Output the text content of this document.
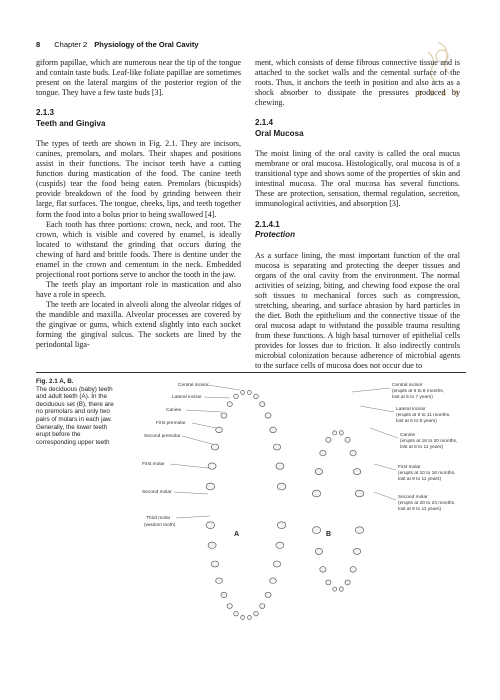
8 Chapter 2 Physiology of the Oral Cavity

giform papillae, which are numerous near the tip of the tongue and contain taste buds. Leaf-like foliate papillae are sometimes present on the lateral margins of the posterior region of the tongue. They have a few taste buds [3].

2.1.3
Teeth and Gingiva

The types of teeth are shown in Fig. 2.1. They are incisors, canines, premolars, and molars. Their shapes and positions assist in their functions. The incisor teeth have a cutting function during mastication of the food. The canine teeth (cuspids) tear the food being eaten. Premolars (bicuspids) provide breakdown of the food by grinding between their large, flat surfaces. The tongue, cheeks, lips, and teeth together form the food into a bolus prior to being swallowed [4].

Each tooth has three portions: crown, neck, and root. The crown, which is visible and covered by enamel, is ideally located to withstand the grinding that occurs during the chewing of hard and brittle foods. There is dentine under the enamel in the crown and cementum in the neck. Embedded projectional root portions serve to anchor the tooth in the jaw.

The teeth play an important role in mastication and also have a role in speech.

The teeth are located in alveoli along the alveolar ridges of the mandible and maxilla. Alveolar processes are covered by the gingivae or gums, which extend slightly into each socket forming the gingival sulcus. The sockets are lined by the periodontal liga-

ment, which consists of dense fibrous connective tissue and is attached to the socket walls and the cemental surface of the roots. Thus, it anchors the teeth in position and also acts as a shock absorber to dissipate the pressures produced by chewing.

2.1.4
Oral Mucosa

The moist lining of the oral cavity is called the oral mucus membrane or oral mucosa. Histologically, oral mucosa is of a transitional type and shows some of the properties of skin and intestinal mucosa. The oral mucosa has several functions. These are protection, sensation, thermal regulation, secretion, immunological activities, and absorption [3].

2.1.4.1
Protection

As a surface lining, the most important function of the oral mucosa is separating and protecting the deeper tissues and organs of the oral cavity from the environment. The normal activities of seizing, biting, and chewing food expose the oral soft tissues to mechanical forces such as compression, stretching, shearing, and surface abrasion by hard particles in the diet. Both the epithelium and the connective tissue of the oral mucosa adapt to withstand the possible trauma resulting from these functions. A high basal turnover of epithelial cells provides for losses due to friction. It also indirectly controls microbial colonization because adherence of microbial agents to the surface cells of mucosa does not occur due to

Fig. 2.1 A, B.
The deciduous (baby) teeth and adult teeth (A). In the deciduous set (B), there are no premolars and only two pairs of molars in each jaw. Generally, the lower teeth erupt before the corresponding upper teeth
A	B
Central incisor
Lateral incisor
Canine
First premolar
Second premolar
First molar
Second molar
Third molar
(wisdom tooth)
Central incisor
(erupts at 6 to 8 months,
lost at 5 to 7 years)
Lateral incisor
(erupts at 8 to 11 months,
lost at 6 to 8 years)
Canine
(erupts at 16 to 20 months,
lost at 8 to 11 years)
First molar
(erupts at 10 to 16 months,
lost at 9 to 11 years)
Second molar
(erupts at 20 to 24 months,
lost at 9 to 11 years)
